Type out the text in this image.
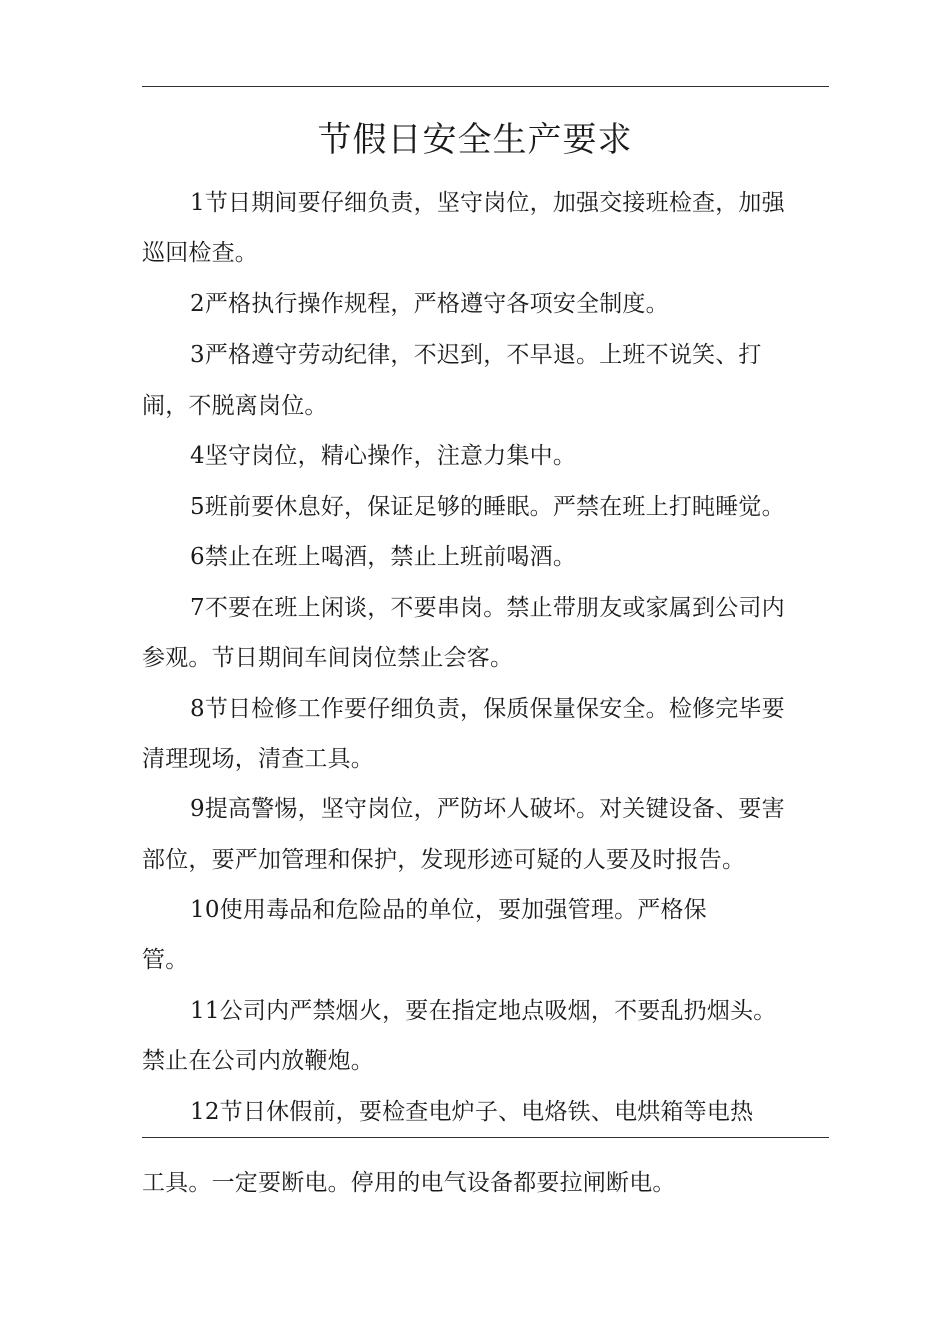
节假日安全生产要求
1节日期间要仔细负责，坚守岗位，加强交接班检查，加强
巡回检查。
2严格执行操作规程，严格遵守各项安全制度。
3严格遵守劳动纪律，不迟到，不早退。上班不说笑、打
闹，不脱离岗位。
4坚守岗位，精心操作，注意力集中。
5班前要休息好，保证足够的睡眠。严禁在班上打盹睡觉。
6禁止在班上喝酒，禁止上班前喝酒。
7不要在班上闲谈，不要串岗。禁止带朋友或家属到公司内
参观。节日期间车间岗位禁止会客。
8节日检修工作要仔细负责，保质保量保安全。检修完毕要
清理现场，清查工具。
9提高警惕，坚守岗位，严防坏人破坏。对关键设备、要害
部位，要严加管理和保护，发现形迹可疑的人要及时报告。
10使用毒品和危险品的单位，要加强管理。严格保
管。
11公司内严禁烟火，要在指定地点吸烟，不要乱扔烟头。
禁止在公司内放鞭炮。
12节日休假前，要检查电炉子、电烙铁、电烘箱等电热
工具。一定要断电。停用的电气设备都要拉闸断电。
